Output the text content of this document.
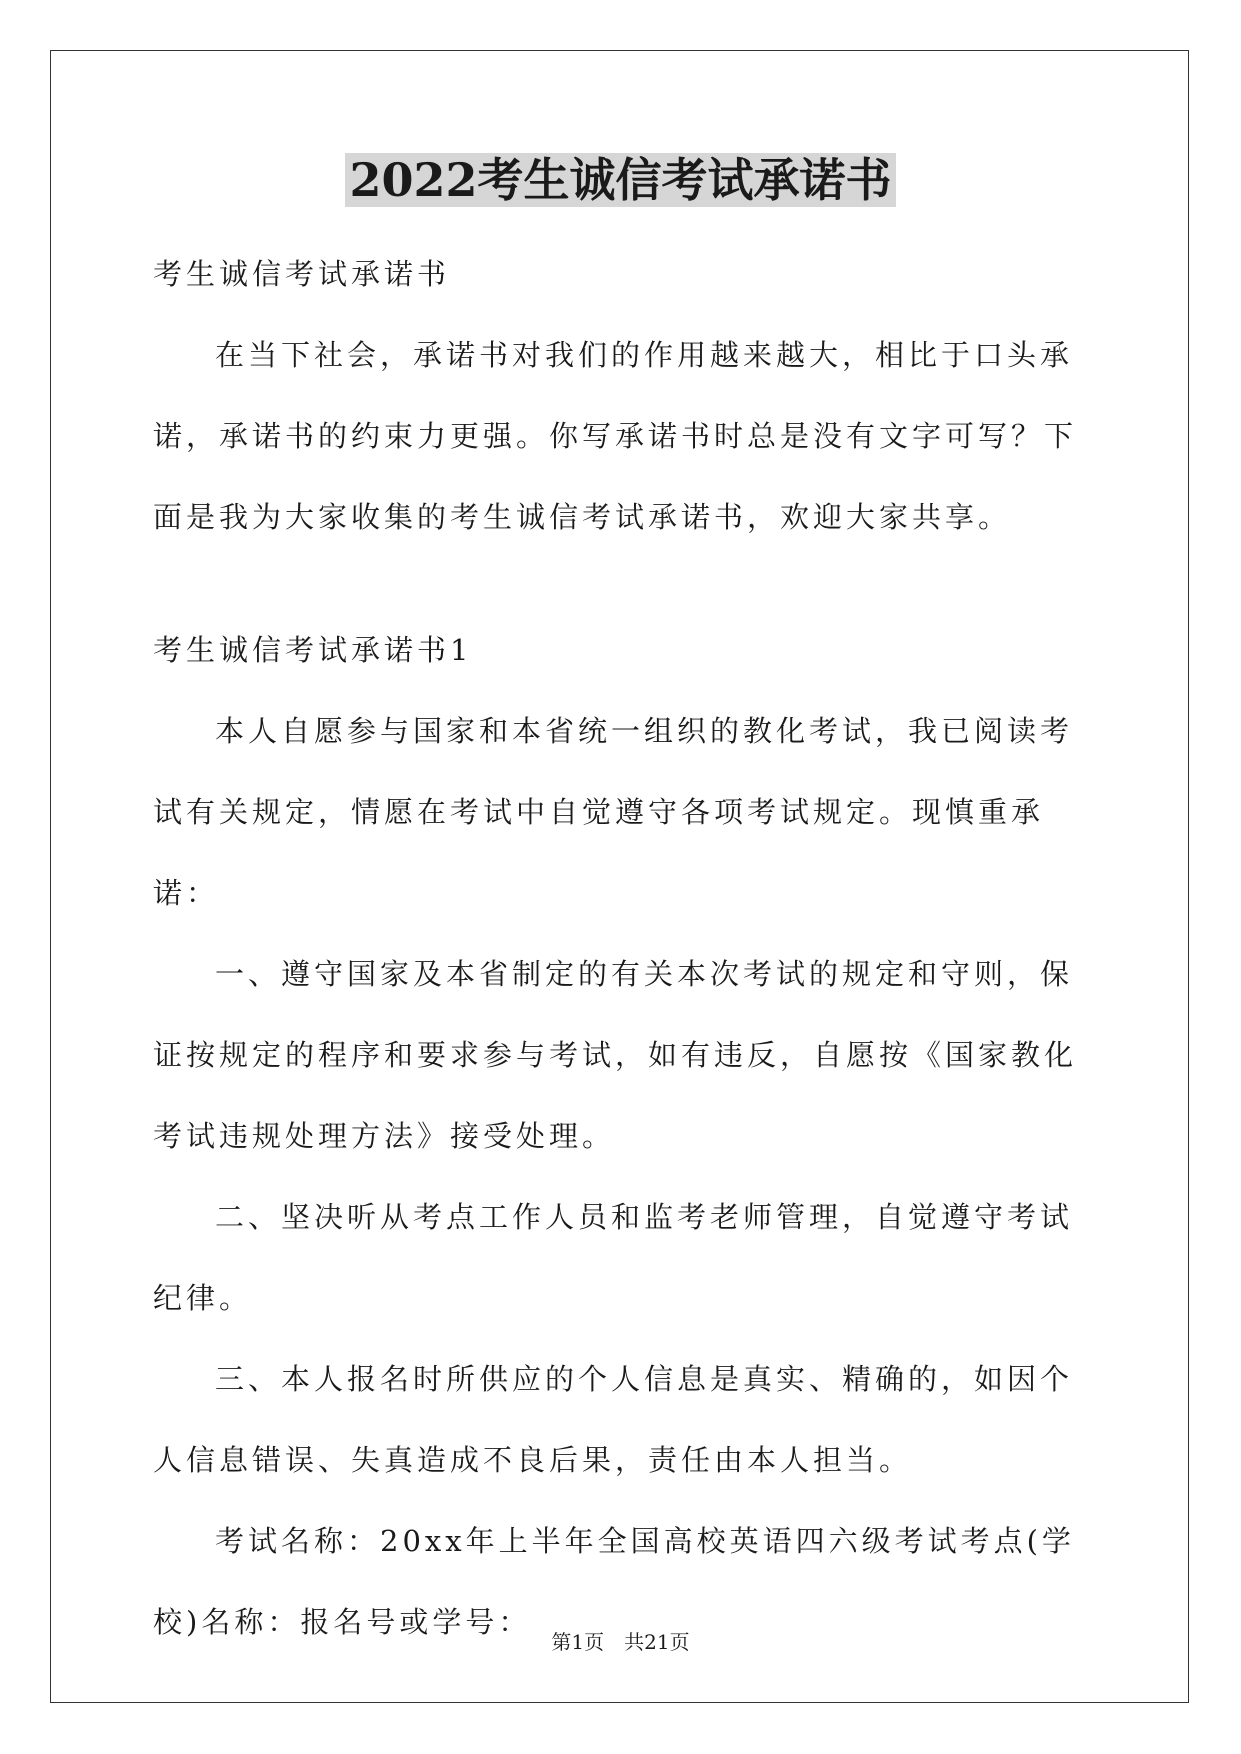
2022考生诚信考试承诺书

考生诚信考试承诺书

在当下社会，承诺书对我们的作用越来越大，相比于口头承诺，承诺书的约束力更强。你写承诺书时总是没有文字可写？下面是我为大家收集的考生诚信考试承诺书，欢迎大家共享。

考生诚信考试承诺书1

本人自愿参与国家和本省统一组织的教化考试，我已阅读考试有关规定，情愿在考试中自觉遵守各项考试规定。现慎重承诺：

一、遵守国家及本省制定的有关本次考试的规定和守则，保证按规定的程序和要求参与考试，如有违反，自愿按《国家教化考试违规处理方法》接受处理。

二、坚决听从考点工作人员和监考老师管理，自觉遵守考试纪律。

三、本人报名时所供应的个人信息是真实、精确的，如因个人信息错误、失真造成不良后果，责任由本人担当。

考试名称：20xx年上半年全国高校英语四六级考试考点(学校)名称：报名号或学号：

第1页 共21页
